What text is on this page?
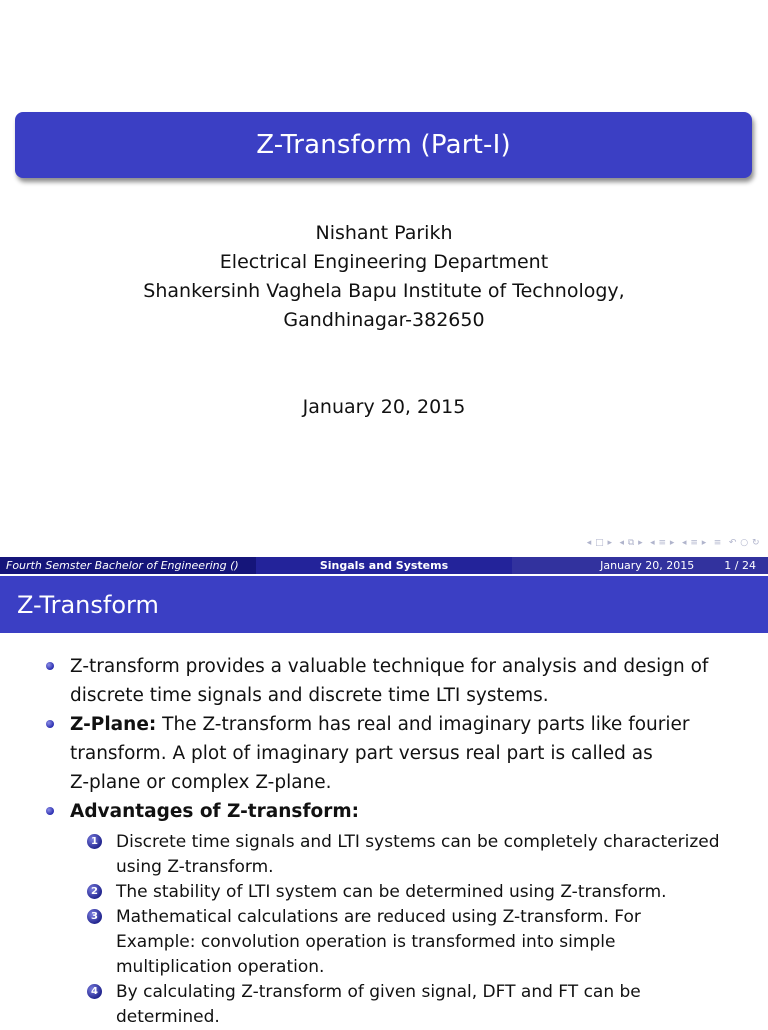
Z-Transform (Part-I)
Nishant Parikh
Electrical Engineering Department
Shankersinh Vaghela Bapu Institute of Technology,
Gandhinagar-382650
January 20, 2015
◂ □ ▸ ◂ ⧉ ▸ ◂ ≡ ▸ ◂ ≡ ▸ ≡ ↶ ○ ↻
Fourth Semster Bachelor of Engineering ()	Singals and Systems	January 20, 2015	1 / 24
Z-Transform
Z-transform provides a valuable technique for analysis and design of
discrete time signals and discrete time LTI systems.
Z-Plane: The Z-transform has real and imaginary parts like fourier
transform. A plot of imaginary part versus real part is called as
Z-plane or complex Z-plane.
Advantages of Z-transform:
1 Discrete time signals and LTI systems can be completely characterized
using Z-transform.
2 The stability of LTI system can be determined using Z-transform.
3 Mathematical calculations are reduced using Z-transform. For
Example: convolution operation is transformed into simple
multiplication operation.
4 By calculating Z-transform of given signal, DFT and FT can be
determined.
